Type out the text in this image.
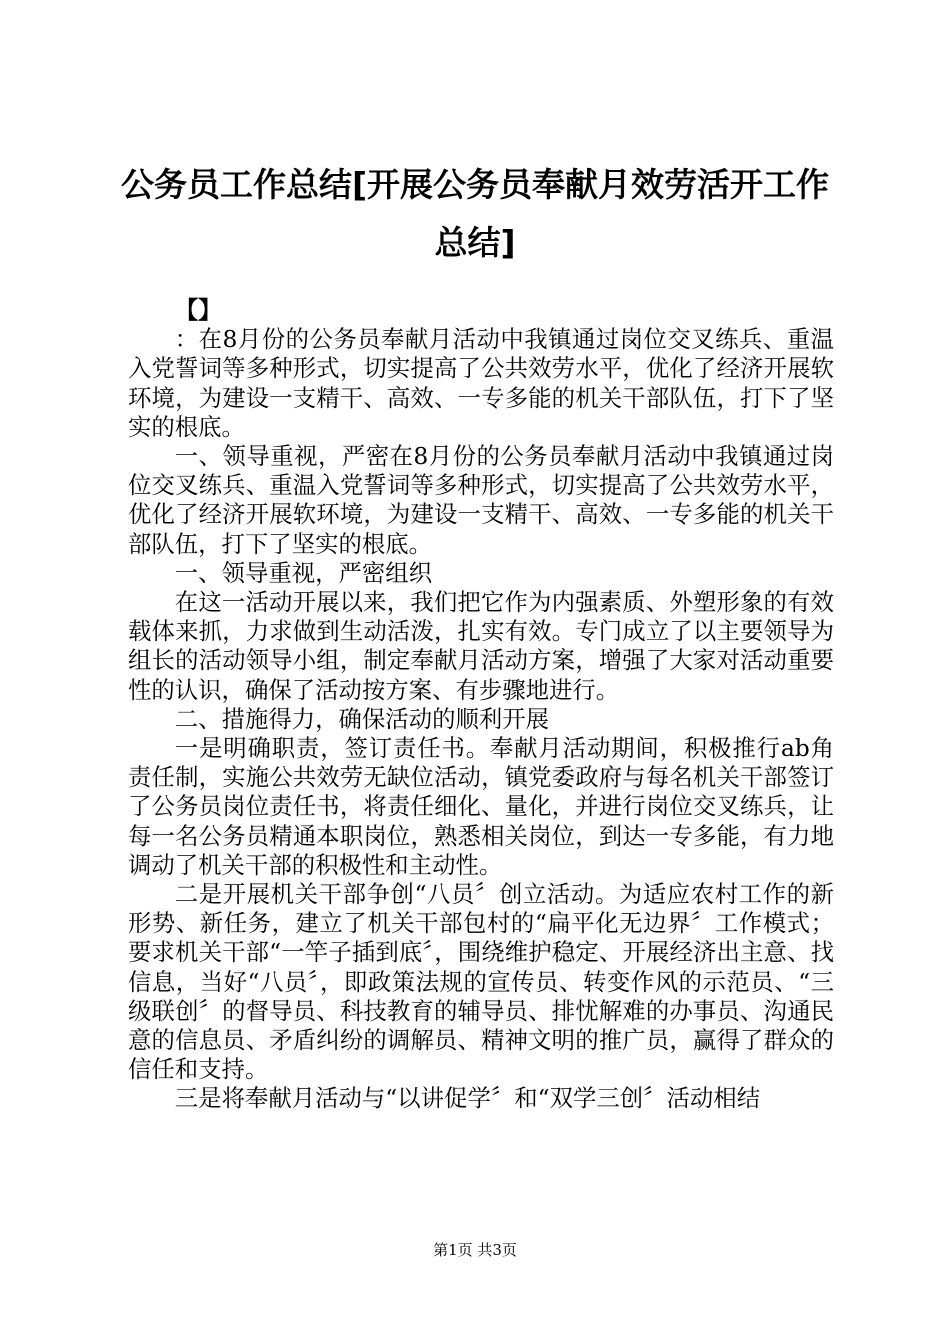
公务员工作总结[开展公务员奉献月效劳活开工作总结]

【】

：在8月份的公务员奉献月活动中我镇通过岗位交叉练兵、重温入党誓词等多种形式，切实提高了公共效劳水平，优化了经济开展软环境，为建设一支精干、高效、一专多能的机关干部队伍，打下了坚实的根底。

一、领导重视，严密在8月份的公务员奉献月活动中我镇通过岗位交叉练兵、重温入党誓词等多种形式，切实提高了公共效劳水平，优化了经济开展软环境，为建设一支精干、高效、一专多能的机关干部队伍，打下了坚实的根底。

一、领导重视，严密组织

在这一活动开展以来，我们把它作为内强素质、外塑形象的有效载体来抓，力求做到生动活泼，扎实有效。专门成立了以主要领导为组长的活动领导小组，制定奉献月活动方案，增强了大家对活动重要性的认识，确保了活动按方案、有步骤地进行。

二、措施得力，确保活动的顺利开展

一是明确职责，签订责任书。奉献月活动期间，积极推行ab角责任制，实施公共效劳无缺位活动，镇党委政府与每名机关干部签订了公务员岗位责任书，将责任细化、量化，并进行岗位交叉练兵，让每一名公务员精通本职岗位，熟悉相关岗位，到达一专多能，有力地调动了机关干部的积极性和主动性。

二是开展机关干部争创“八员〞创立活动。为适应农村工作的新形势、新任务，建立了机关干部包村的“扁平化无边界〞工作模式；要求机关干部“一竿子插到底〞，围绕维护稳定、开展经济出主意、找信息，当好“八员〞，即政策法规的宣传员、转变作风的示范员、“三级联创〞的督导员、科技教育的辅导员、排忧解难的办事员、沟通民意的信息员、矛盾纠纷的调解员、精神文明的推广员，赢得了群众的信任和支持。

三是将奉献月活动与“以讲促学〞和“双学三创〞活动相结

第1页 共3页
